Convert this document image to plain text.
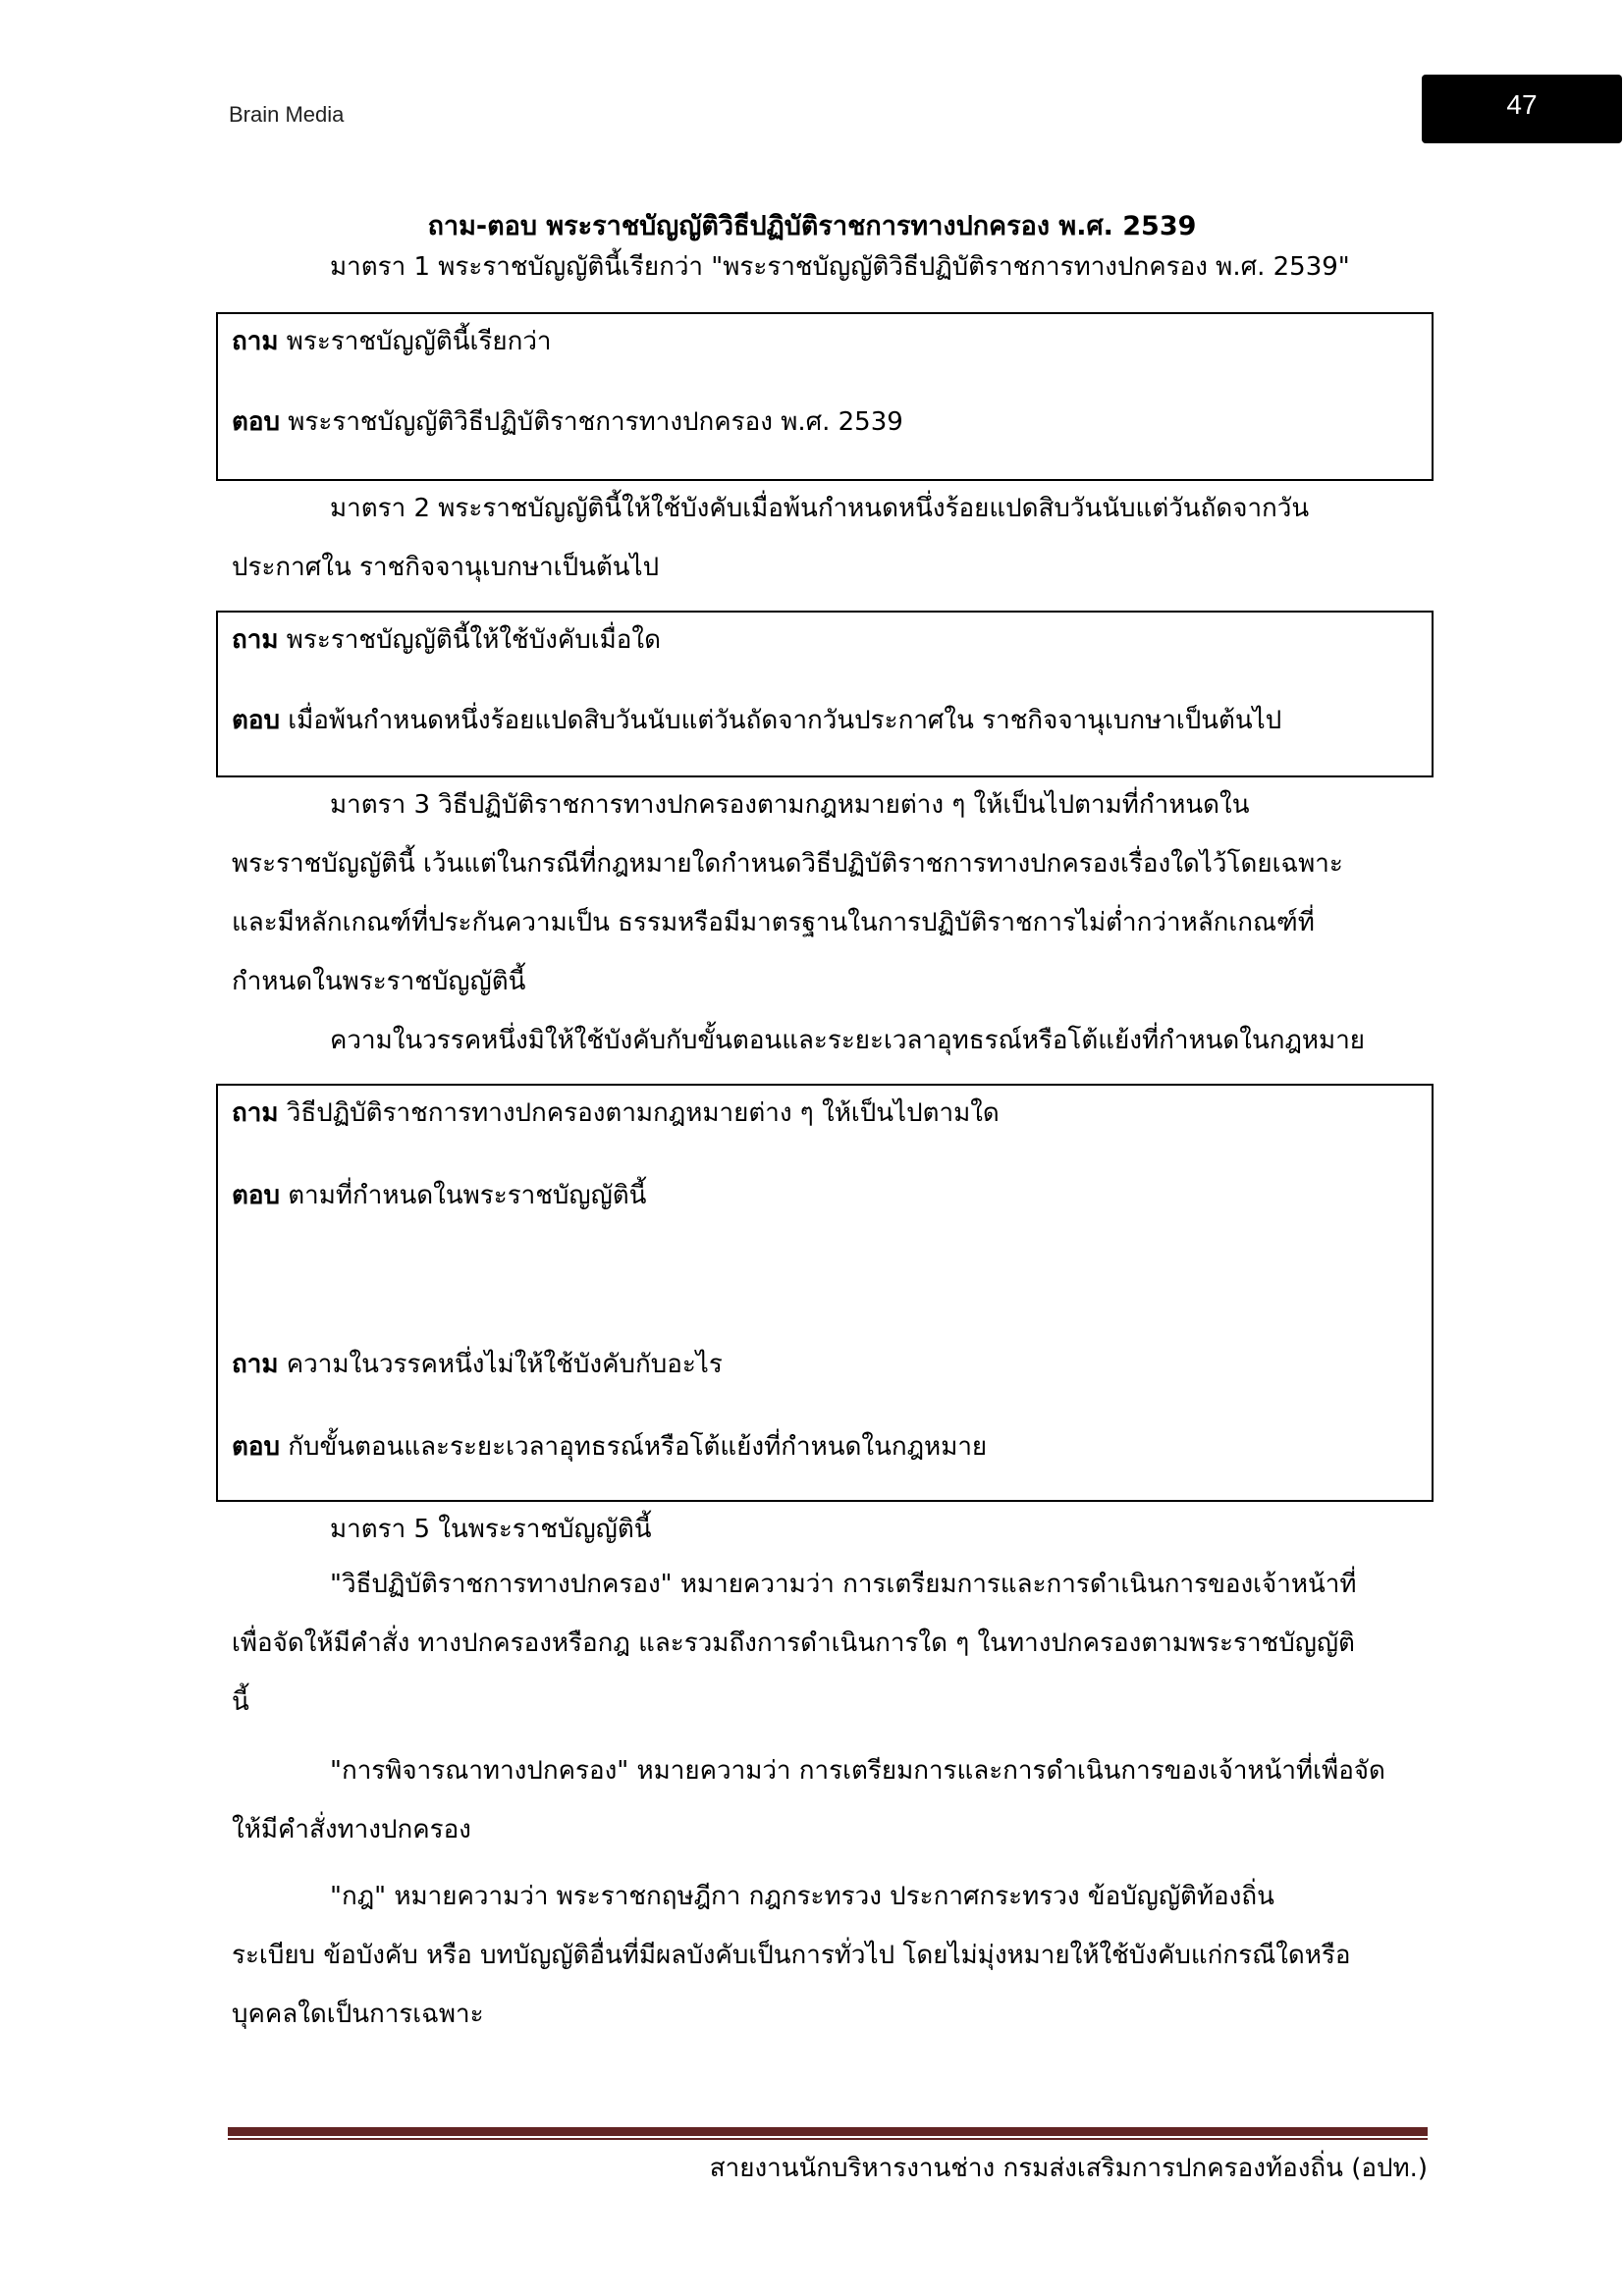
Brain Media	47
ถาม-ตอบ พระราชบัญญัติวิธีปฏิบัติราชการทางปกครอง พ.ศ. 2539
มาตรา 1 พระราชบัญญัตินี้เรียกว่า "พระราชบัญญัติวิธีปฏิบัติราชการทางปกครอง พ.ศ. 2539"
ถาม พระราชบัญญัตินี้เรียกว่า
ตอบ พระราชบัญญัติวิธีปฏิบัติราชการทางปกครอง พ.ศ. 2539
มาตรา 2 พระราชบัญญัตินี้ให้ใช้บังคับเมื่อพ้นกำหนดหนึ่งร้อยแปดสิบวันนับแต่วันถัดจากวัน
ประกาศใน ราชกิจจานุเบกษาเป็นต้นไป
ถาม พระราชบัญญัตินี้ให้ใช้บังคับเมื่อใด
ตอบ เมื่อพ้นกำหนดหนึ่งร้อยแปดสิบวันนับแต่วันถัดจากวันประกาศใน ราชกิจจานุเบกษาเป็นต้นไป
มาตรา 3 วิธีปฏิบัติราชการทางปกครองตามกฎหมายต่าง ๆ ให้เป็นไปตามที่กำหนดใน
พระราชบัญญัตินี้ เว้นแต่ในกรณีที่กฎหมายใดกำหนดวิธีปฏิบัติราชการทางปกครองเรื่องใดไว้โดยเฉพาะ
และมีหลักเกณฑ์ที่ประกันความเป็น ธรรมหรือมีมาตรฐานในการปฏิบัติราชการไม่ต่ำกว่าหลักเกณฑ์ที่
กำหนดในพระราชบัญญัตินี้
ความในวรรคหนึ่งมิให้ใช้บังคับกับขั้นตอนและระยะเวลาอุทธรณ์หรือโต้แย้งที่กำหนดในกฎหมาย
ถาม วิธีปฏิบัติราชการทางปกครองตามกฎหมายต่าง ๆ ให้เป็นไปตามใด
ตอบ ตามที่กำหนดในพระราชบัญญัตินี้
ถาม ความในวรรคหนึ่งไม่ให้ใช้บังคับกับอะไร
ตอบ กับขั้นตอนและระยะเวลาอุทธรณ์หรือโต้แย้งที่กำหนดในกฎหมาย
มาตรา 5 ในพระราชบัญญัตินี้
"วิธีปฏิบัติราชการทางปกครอง" หมายความว่า การเตรียมการและการดำเนินการของเจ้าหน้าที่
เพื่อจัดให้มีคำสั่ง ทางปกครองหรือกฎ และรวมถึงการดำเนินการใด ๆ ในทางปกครองตามพระราชบัญญัติ
นี้
"การพิจารณาทางปกครอง" หมายความว่า การเตรียมการและการดำเนินการของเจ้าหน้าที่เพื่อจัด
ให้มีคำสั่งทางปกครอง
"กฎ" หมายความว่า พระราชกฤษฎีกา กฎกระทรวง ประกาศกระทรวง ข้อบัญญัติท้องถิ่น
ระเบียบ ข้อบังคับ หรือ บทบัญญัติอื่นที่มีผลบังคับเป็นการทั่วไป โดยไม่มุ่งหมายให้ใช้บังคับแก่กรณีใดหรือ
บุคคลใดเป็นการเฉพาะ
สายงานนักบริหารงานช่าง กรมส่งเสริมการปกครองท้องถิ่น (อปท.)
